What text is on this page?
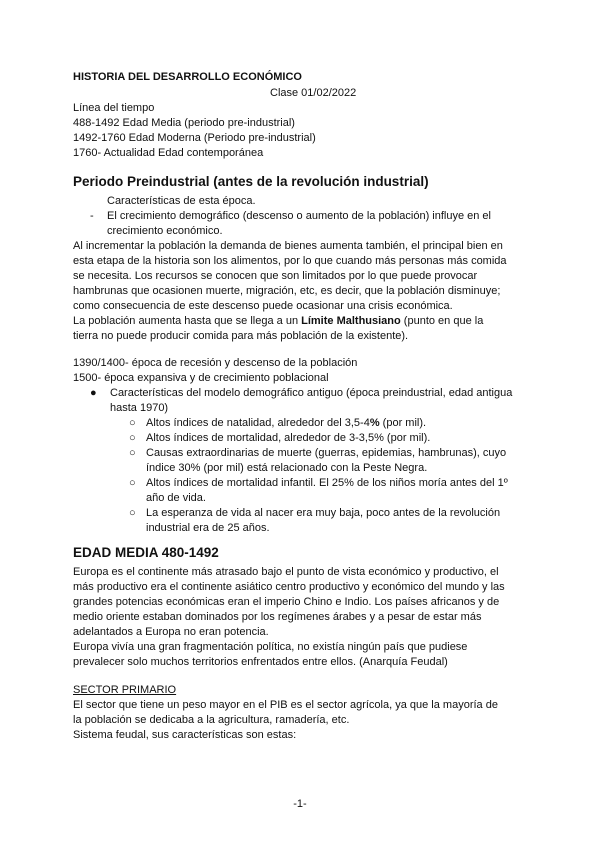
HISTORIA DEL DESARROLLO ECONÓMICO
Clase 01/02/2022
Línea del tiempo
488-1492 Edad Media (periodo pre-industrial)
1492-1760 Edad Moderna (Periodo pre-industrial)
1760- Actualidad Edad contemporánea
Periodo Preindustrial (antes de la revolución industrial)
Características de esta época.
- El crecimiento demográfico (descenso o aumento de la población) influye en el
crecimiento económico.
Al incrementar la población la demanda de bienes aumenta también, el principal bien en esta etapa de la historia son los alimentos, por lo que cuando más personas más comida se necesita. Los recursos se conocen que son limitados por lo que puede provocar hambrunas que ocasionen muerte, migración, etc, es decir, que la población disminuye; como consecuencia de este descenso puede ocasionar una crisis económica.
La población aumenta hasta que se llega a un Límite Malthusiano (punto en que la tierra no puede producir comida para más población de la existente).
1390/1400- época de recesión y descenso de la población
1500- época expansiva y de crecimiento poblacional
● Características del modelo demográfico antiguo (época preindustrial, edad antigua
hasta 1970)
○ Altos índices de natalidad, alrededor del 3,5-4% (por mil).
○ Altos índices de mortalidad, alrededor de 3-3,5% (por mil).
○ Causas extraordinarias de muerte (guerras, epidemias, hambrunas), cuyo
índice 30% (por mil) está relacionado con la Peste Negra.
○ Altos índices de mortalidad infantil. El 25% de los niños moría antes del 1º
año de vida.
○ La esperanza de vida al nacer era muy baja, poco antes de la revolución
industrial era de 25 años.
EDAD MEDIA 480-1492
Europa es el continente más atrasado bajo el punto de vista económico y productivo, el más productivo era el continente asiático centro productivo y económico del mundo y las grandes potencias económicas eran el imperio Chino e Indio. Los países africanos y de medio oriente estaban dominados por los regímenes árabes y a pesar de estar más adelantados a Europa no eran potencia.
Europa vivía una gran fragmentación política, no existía ningún país que pudiese prevalecer solo muchos territorios enfrentados entre ellos. (Anarquía Feudal)
SECTOR PRIMARIO
El sector que tiene un peso mayor en el PIB es el sector agrícola, ya que la mayoría de la población se dedicaba a la agricultura, ramadería, etc.
Sistema feudal, sus características son estas:
-1-
